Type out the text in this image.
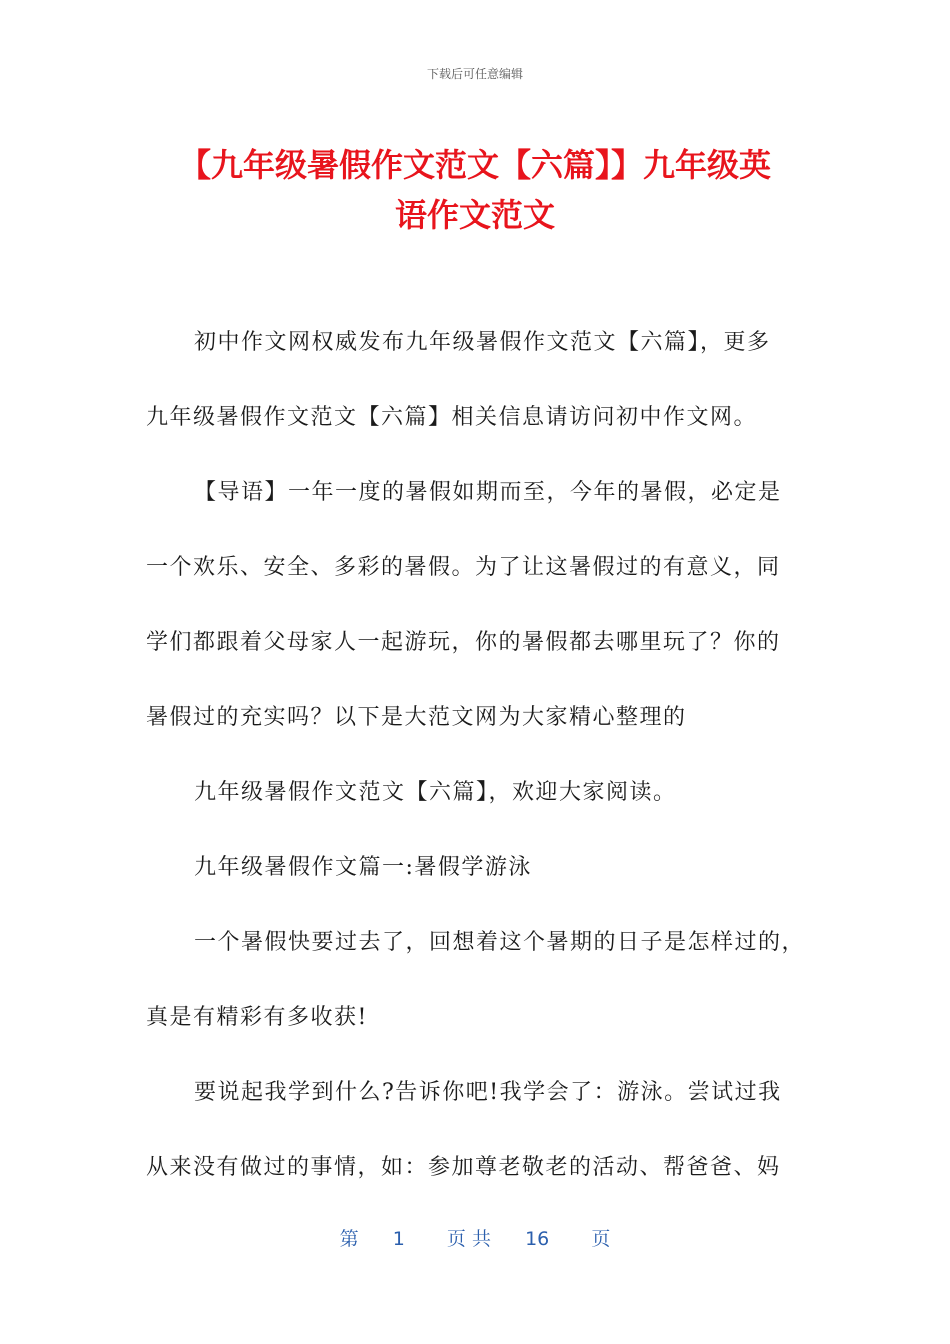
下载后可任意编辑
【九年级暑假作文范文【六篇】】九年级英
语作文范文
初中作文网权威发布九年级暑假作文范文【六篇】，更多
九年级暑假作文范文【六篇】相关信息请访问初中作文网。
【导语】一年一度的暑假如期而至，今年的暑假，必定是
一个欢乐、安全、多彩的暑假。为了让这暑假过的有意义，同
学们都跟着父母家人一起游玩，你的暑假都去哪里玩了？你的
暑假过的充实吗？以下是大范文网为大家精心整理的
九年级暑假作文范文【六篇】，欢迎大家阅读。
九年级暑假作文篇一:暑假学游泳
一个暑假快要过去了，回想着这个暑期的日子是怎样过的，
真是有精彩有多收获!
要说起我学到什么?告诉你吧!我学会了：游泳。尝试过我
从来没有做过的事情，如：参加尊老敬老的活动、帮爸爸、妈
第 1 页 共 16 页
